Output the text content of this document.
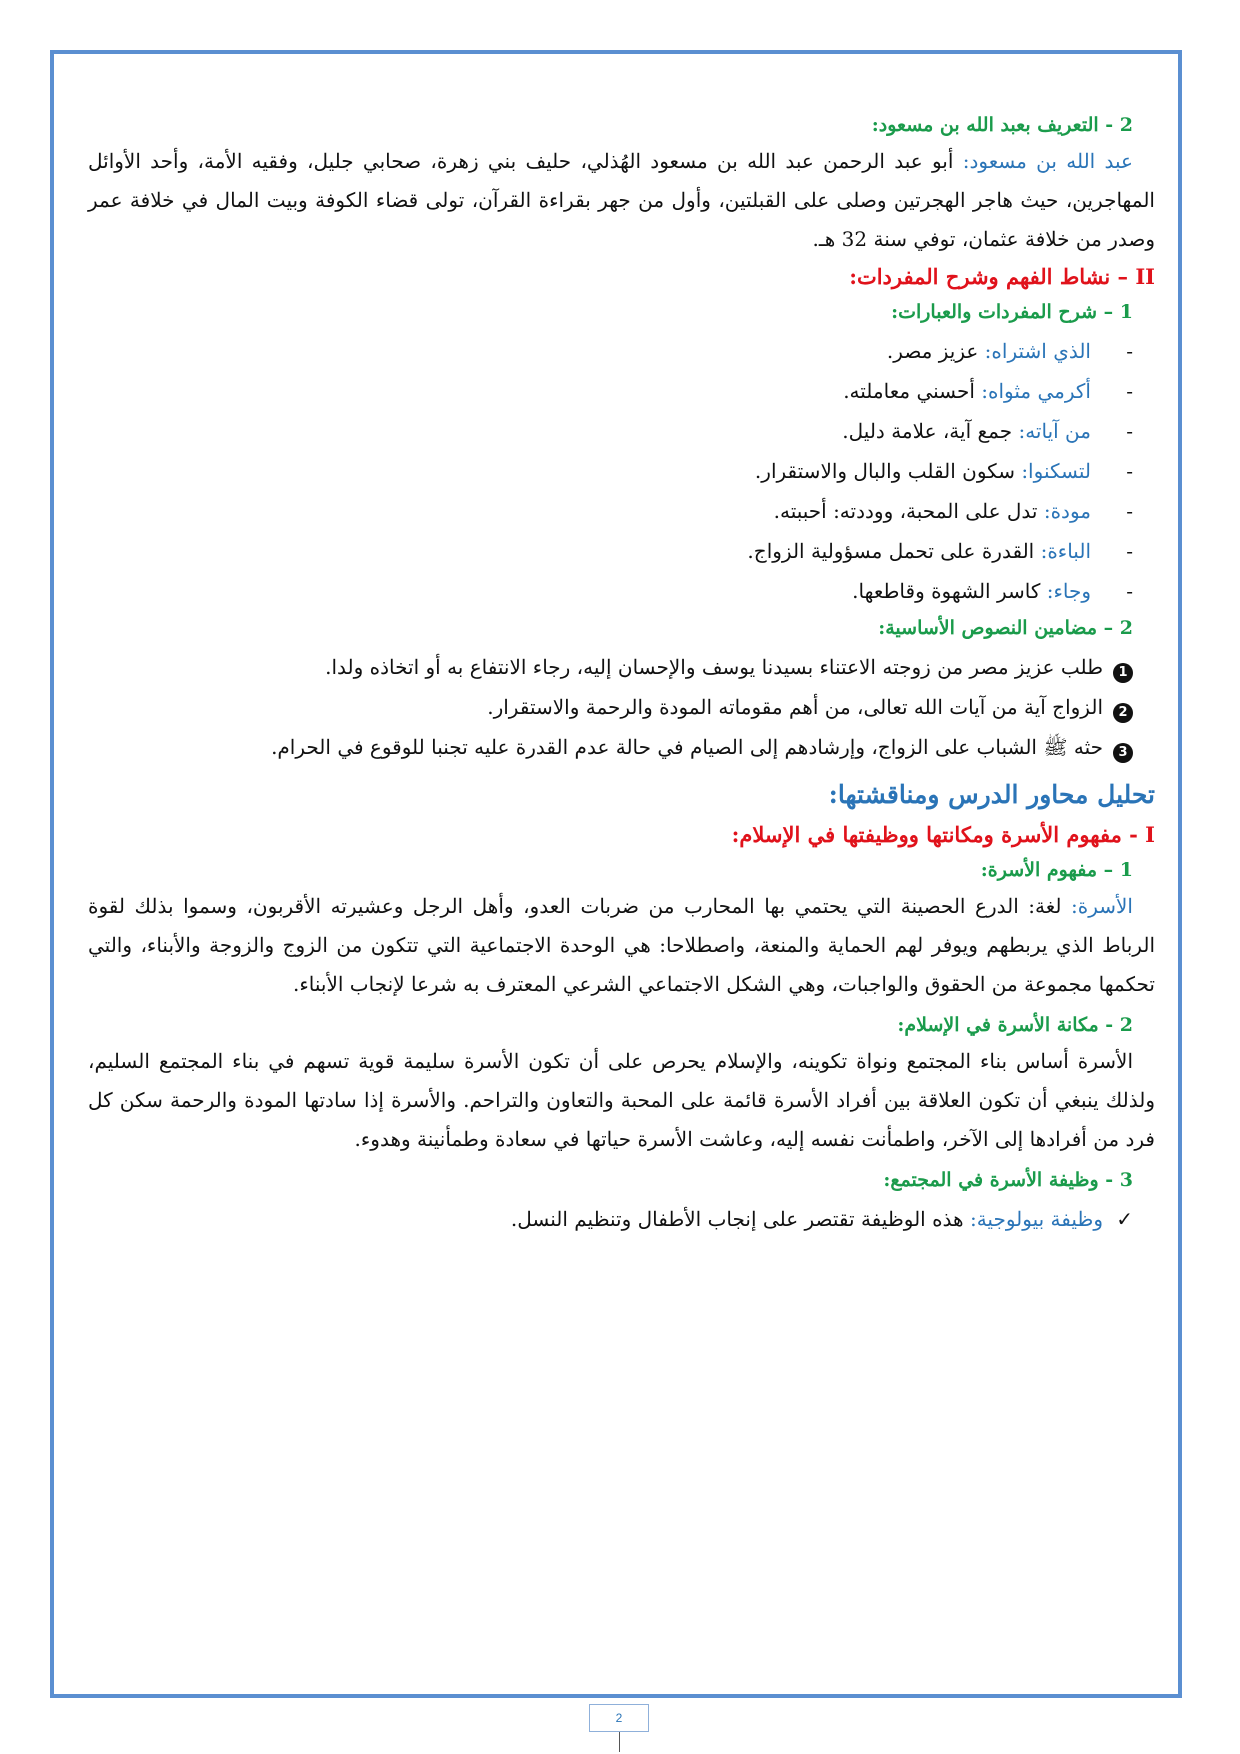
2 - التعريف بعبد الله بن مسعود:

عبد الله بن مسعود: أبو عبد الرحمن عبد الله بن مسعود الهُذلي، حليف بني زهرة، صحابي جليل، وفقيه الأمة، وأحد الأوائل المهاجرين، حيث هاجر الهجرتين وصلى على القبلتين، وأول من جهر بقراءة القرآن، تولى قضاء الكوفة وبيت المال في خلافة عمر وصدر من خلافة عثمان، توفي سنة 32 هـ.

II – نشاط الفهم وشرح المفردات:
1 – شرح المفردات والعبارات:
-
الذي اشتراه: عزيز مصر.
-
أكرمي مثواه: أحسني معاملته.
-
من آياته: جمع آية، علامة دليل.
-
لتسكنوا: سكون القلب والبال والاستقرار.
-
مودة: تدل على المحبة، ووددته: أحببته.
-
الباءة: القدرة على تحمل مسؤولية الزواج.
-
وجاء: كاسر الشهوة وقاطعها.
2 – مضامين النصوص الأساسية:
1
طلب عزيز مصر من زوجته الاعتناء بسيدنا يوسف والإحسان إليه، رجاء الانتفاع به أو اتخاذه ولدا.
2
الزواج آية من آيات الله تعالى، من أهم مقوماته المودة والرحمة والاستقرار.
3
حثه ﷺ الشباب على الزواج، وإرشادهم إلى الصيام في حالة عدم القدرة عليه تجنبا للوقوع في الحرام.
تحليل محاور الدرس ومناقشتها:
I - مفهوم الأسرة ومكانتها ووظيفتها في الإسلام:
1 – مفهوم الأسرة:

الأسرة: لغة: الدرع الحصينة التي يحتمي بها المحارب من ضربات العدو، وأهل الرجل وعشيرته الأقربون، وسموا بذلك لقوة الرباط الذي يربطهم ويوفر لهم الحماية والمنعة، واصطلاحا: هي الوحدة الاجتماعية التي تتكون من الزوج والزوجة والأبناء، والتي تحكمها مجموعة من الحقوق والواجبات، وهي الشكل الاجتماعي الشرعي المعترف به شرعا لإنجاب الأبناء.

2 - مكانة الأسرة في الإسلام:

الأسرة أساس بناء المجتمع ونواة تكوينه، والإسلام يحرص على أن تكون الأسرة سليمة قوية تسهم في بناء المجتمع السليم، ولذلك ينبغي أن تكون العلاقة بين أفراد الأسرة قائمة على المحبة والتعاون والتراحم. والأسرة إذا سادتها المودة والرحمة سكن كل فرد من أفرادها إلى الآخر، واطمأنت نفسه إليه، وعاشت الأسرة حياتها في سعادة وطمأنينة وهدوء.

3 - وظيفة الأسرة في المجتمع:
✓
وظيفة بيولوجية: هذه الوظيفة تقتصر على إنجاب الأطفال وتنظيم النسل.
2
